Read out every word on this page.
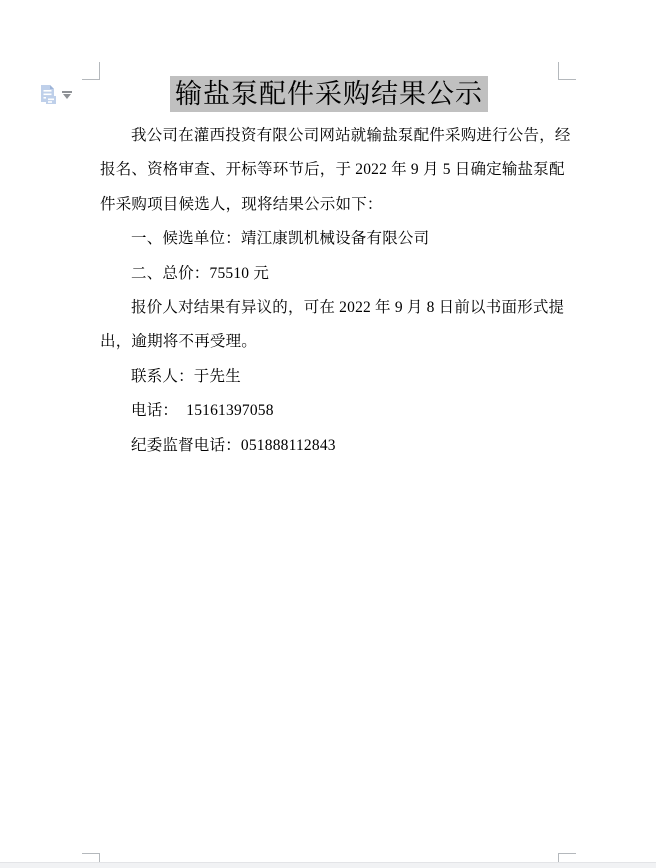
输盐泵配件采购结果公示
我公司在灌西投资有限公司网站就输盐泵配件采购进行公告，经
报名、资格审查、开标等环节后，于 2022 年 9 月 5 日确定输盐泵配
件采购项目候选人，现将结果公示如下：
一、候选单位：靖江康凯机械设备有限公司
二、总价：75510 元
报价人对结果有异议的，可在 2022 年 9 月 8 日前以书面形式提
出，逾期将不再受理。
联系人：于先生
电话：  15161397058
纪委监督电话：051888112843
